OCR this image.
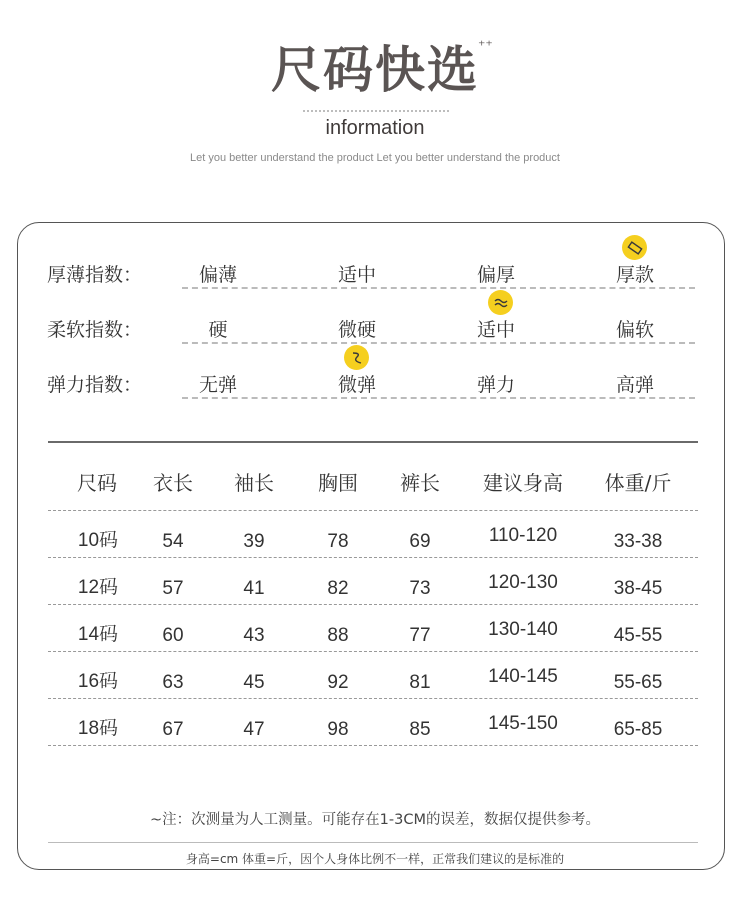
尺码快选 ⁺⁺
information
Let you better understand the product Let you better understand the product
厚薄指数：	偏薄	适中	偏厚	厚款
柔软指数：	硬	微硬	适中	偏软
弹力指数：	无弹	微弹	弹力	高弹
尺码	衣长	袖长	胸围	裤长	建议身高	体重/斤
10码	54	39	78	69	110-120	33-38
12码	57	41	82	73	120-130	38-45
14码	60	43	88	77	130-140	45-55
16码	63	45	92	81	140-145	55-65
18码	67	47	98	85	145-150	65-85
~注：次测量为人工测量。可能存在1-3CM的误差，数据仅提供参考。
身高=cm 体重=斤，因个人身体比例不一样，正常我们建议的是标准的
